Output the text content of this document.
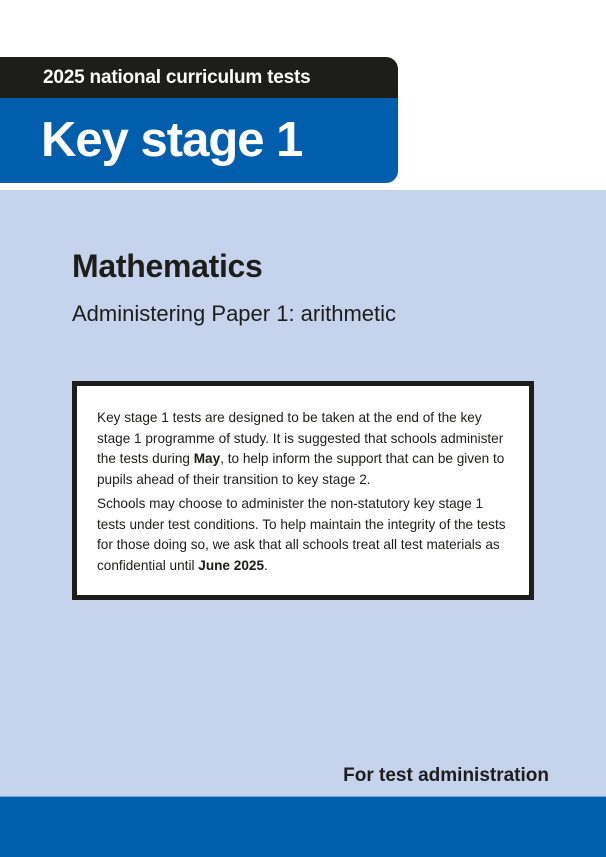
2025 national curriculum tests
Key stage 1
Mathematics
Administering Paper 1: arithmetic

Key stage 1 tests are designed to be taken at the end of the key stage 1 programme of study. It is suggested that schools administer the tests during May, to help inform the support that can be given to pupils ahead of their transition to key stage 2.

Schools may choose to administer the non-statutory key stage 1 tests under test conditions. To help maintain the integrity of the tests for those doing so, we ask that all schools treat all test materials as confidential until June 2025.

For test administration
